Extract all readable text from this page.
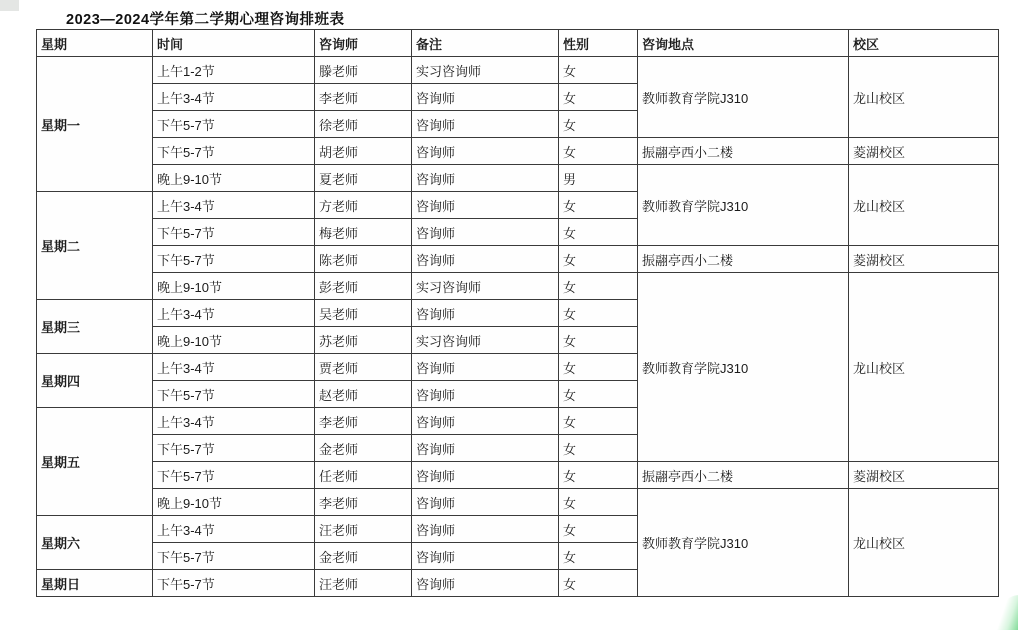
2023—2024学年第二学期心理咨询排班表
星期	时间	咨询师	备注	性别	咨询地点	校区
星期一	上午1-2节	滕老师	实习咨询师	女	教师教育学院J310	龙山校区
	上午3-4节	李老师	咨询师	女		
	下午5-7节	徐老师	咨询师	女		
	下午5-7节	胡老师	咨询师	女	振翮亭西小二楼	菱湖校区
	晚上9-10节	夏老师	咨询师	男	教师教育学院J310	龙山校区
星期二	上午3-4节	方老师	咨询师	女		
	下午5-7节	梅老师	咨询师	女		
	下午5-7节	陈老师	咨询师	女	振翮亭西小二楼	菱湖校区
	晚上9-10节	彭老师	实习咨询师	女	教师教育学院J310	龙山校区
星期三	上午3-4节	吴老师	咨询师	女		
	晚上9-10节	苏老师	实习咨询师	女		
星期四	上午3-4节	贾老师	咨询师	女		
	下午5-7节	赵老师	咨询师	女		
星期五	上午3-4节	李老师	咨询师	女		
	下午5-7节	金老师	咨询师	女		
	下午5-7节	任老师	咨询师	女	振翮亭西小二楼	菱湖校区
	晚上9-10节	李老师	咨询师	女	教师教育学院J310	龙山校区
星期六	上午3-4节	汪老师	咨询师	女		
	下午5-7节	金老师	咨询师	女		
星期日	下午5-7节	汪老师	咨询师	女		
